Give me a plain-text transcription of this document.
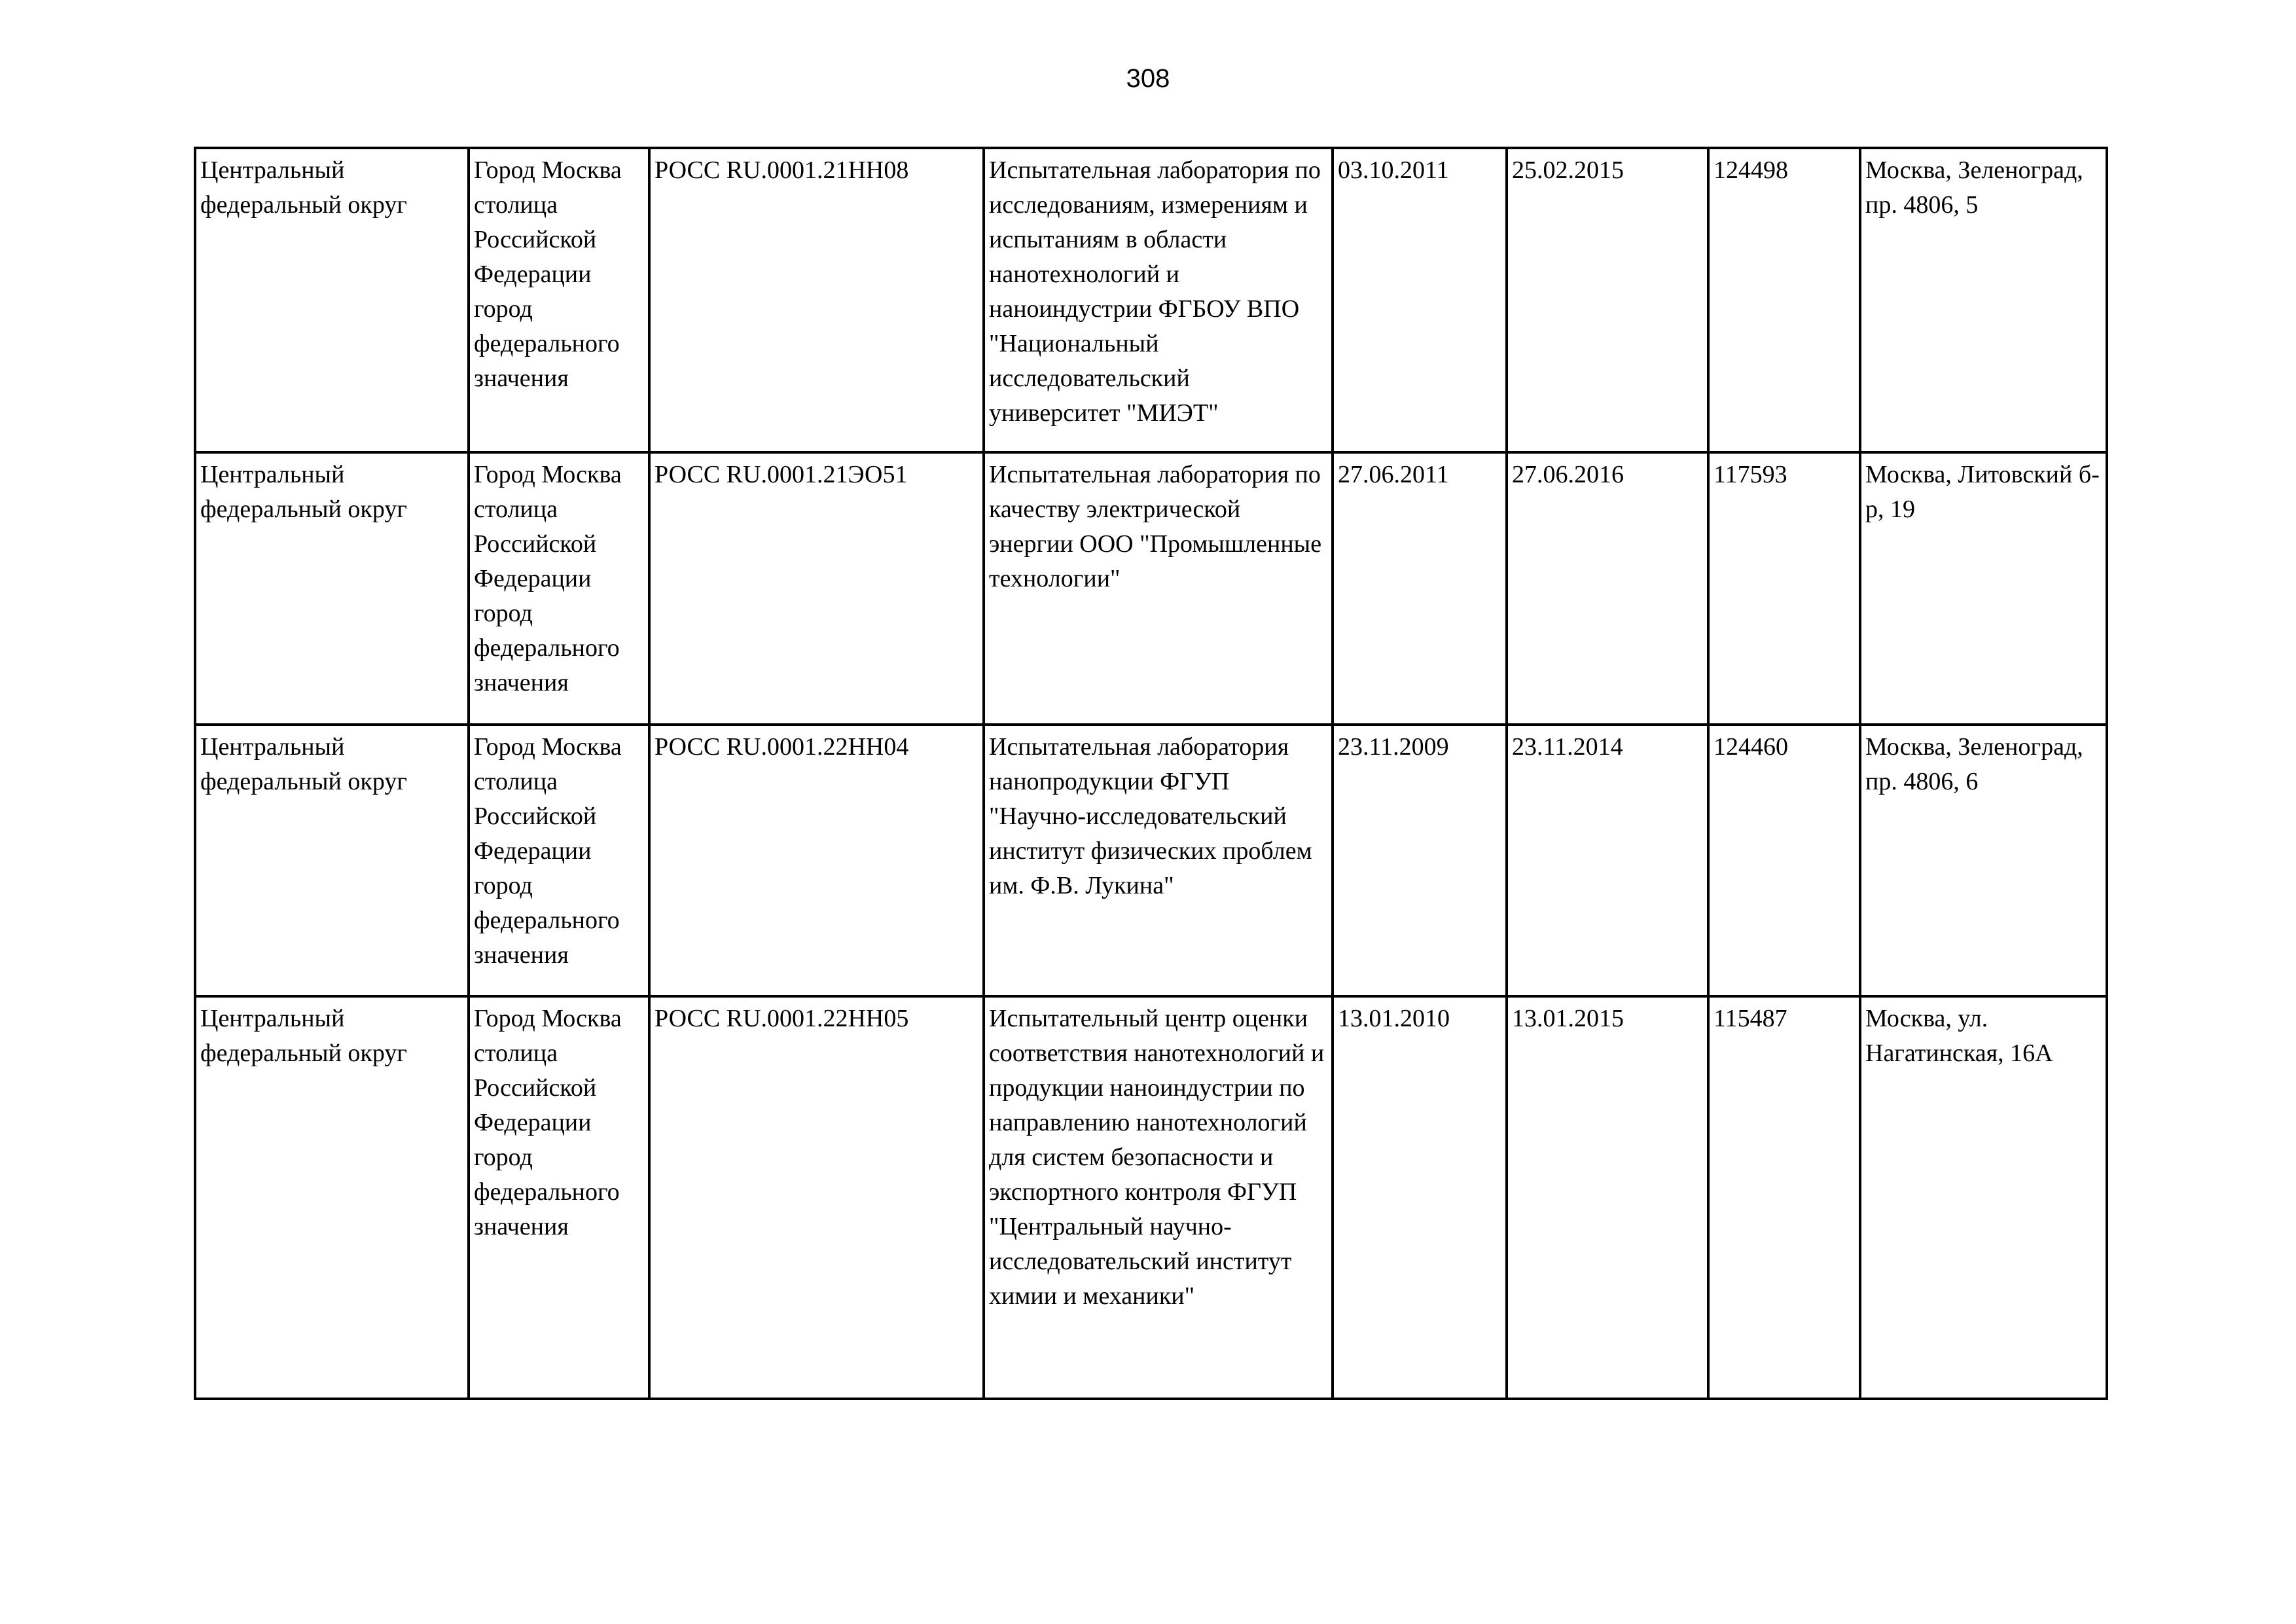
308
Центральный федеральный округ	Город Москва столица Российской Федерации город федерального значения	РОСС RU.0001.21НН08	Испытательная лаборатория по исследованиям, измерениям и испытаниям в области нанотехнологий и наноиндустрии ФГБОУ ВПО "Национальный исследовательский университет "МИЭТ"	03.10.2011	25.02.2015	124498	Москва, Зеленоград, пр. 4806, 5

Центральный федеральный округ	Город Москва столица Российской Федерации город федерального значения	РОСС RU.0001.21ЭО51	Испытательная лаборатория по качеству электрической энергии ООО "Промышленные технологии"	27.06.2011	27.06.2016	117593	Москва, Литовский б-р, 19

Центральный федеральный округ	Город Москва столица Российской Федерации город федерального значения	РОСС RU.0001.22НН04	Испытательная лаборатория нанопродукции ФГУП "Научно-исследовательский институт физических проблем им. Ф.В. Лукина"	23.11.2009	23.11.2014	124460	Москва, Зеленоград, пр. 4806, 6

Центральный федеральный округ	Город Москва столица Российской Федерации город федерального значения	РОСС RU.0001.22НН05	Испытательный центр оценки соответствия нанотехнологий и продукции наноиндустрии по направлению нанотехнологий для систем безопасности и экспортного контроля ФГУП "Центральный научно-исследовательский институт химии и механики"	13.01.2010	13.01.2015	115487	Москва, ул. Нагатинская, 16А
